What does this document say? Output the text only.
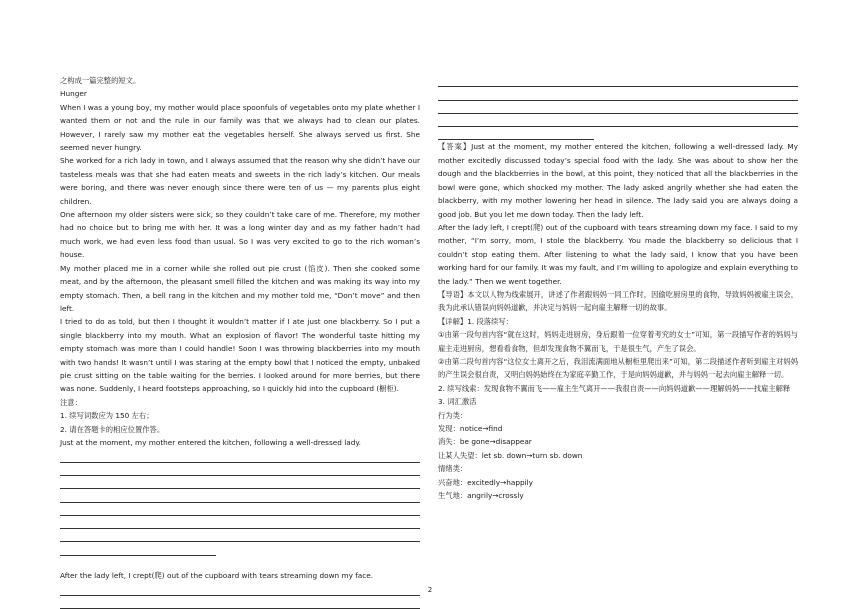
之构成一篇完整的短文。

Hunger

When I was a young boy, my mother would place spoonfuls of vegetables onto my plate whether I wanted them or not and the rule in our family was that we always had to clean our plates. However, I rarely saw my mother eat the vegetables herself. She always served us first. She seemed never hungry.

She worked for a rich lady in town, and I always assumed that the reason why she didn’t have our tasteless meals was that she had eaten meats and sweets in the rich lady’s kitchen. Our meals were boring, and there was never enough since there were ten of us — my parents plus eight children.

One afternoon my older sisters were sick, so they couldn’t take care of me. Therefore, my mother had no choice but to bring me with her. It was a long winter day and as my father hadn’t had much work, we had even less food than usual. So I was very excited to go to the rich woman’s house.

My mother placed me in a corner while she rolled out pie crust (馅皮). Then she cooked some meat, and by the afternoon, the pleasant smell filled the kitchen and was making its way into my empty stomach. Then, a bell rang in the kitchen and my mother told me, “Don’t move” and then left.

I tried to do as told, but then I thought it wouldn’t matter if I ate just one blackberry. So I put a single blackberry into my mouth. What an explosion of flavor! The wonderful taste hitting my empty stomach was more than I could handle! Soon I was throwing blackberries into my mouth with two hands! It wasn’t until I was staring at the empty bowl that I noticed the empty, unbaked pie crust sitting on the table waiting for the berries. I looked around for more berries, but there was none. Suddenly, I heard footsteps approaching, so I quickly hid into the cupboard (橱柜).

注意：

1. 续写词数应为 150 左右；

2. 请在答题卡的相应位置作答。

Just at the moment, my mother entered the kitchen, following a well-dressed lady.

After the lady left, I crept(爬) out of the cupboard with tears streaming down my face.

【答案】Just at the moment, my mother entered the kitchen, following a well-dressed lady. My mother excitedly discussed today’s special food with the lady. She was about to show her the dough and the blackberries in the bowl, at this point, they noticed that all the blackberries in the bowl were gone, which shocked my mother. The lady asked angrily whether she had eaten the blackberry, with my mother lowering her head in silence. The lady said you are always doing a good job. But you let me down today. Then the lady left.

After the lady left, I crept(爬) out of the cupboard with tears streaming down my face. I said to my mother, “I’m sorry, mom, I stole the blackberry. You made the blackberry so delicious that I couldn’t stop eating them. After listening to what the lady said, I know that you have been working hard for our family. It was my fault, and I’m willing to apologize and explain everything to the lady.” Then we went together.

【导语】本文以人物为线索展开，讲述了作者跟妈妈一同工作时，因偷吃厨房里的食物，导致妈妈被雇主误会，我为此承认错误向妈妈道歉，并决定与妈妈一起向雇主解释一切的故事。

【详解】1. 段落续写：

①由第一段句首内容“就在这时，妈妈走进厨房，身后跟着一位穿着考究的女士”可知，第一段描写作者的妈妈与雇主走进厨房，想看看食物，但却发现食物不翼而飞，于是很生气，产生了误会。

②由第二段句首内容“这位女士离开之后，我泪流满面地从橱柜里爬出来”可知，第二段描述作者听到雇主对妈妈的产生误会很自责，又明白妈妈始终在为家庭辛勤工作，于是向妈妈道歉，并与妈妈一起去向雇主解释一切。

2. 续写线索：发现食物不翼而飞——雇主生气离开——我很自责——向妈妈道歉——理解妈妈——找雇主解释

3. 词汇激活

行为类：

发现：notice→find

消失：be gone→disappear

让某人失望：let sb. down→turn sb. down

情绪类：

兴奋地：excitedly→happily

生气地：angrily→crossly

2
